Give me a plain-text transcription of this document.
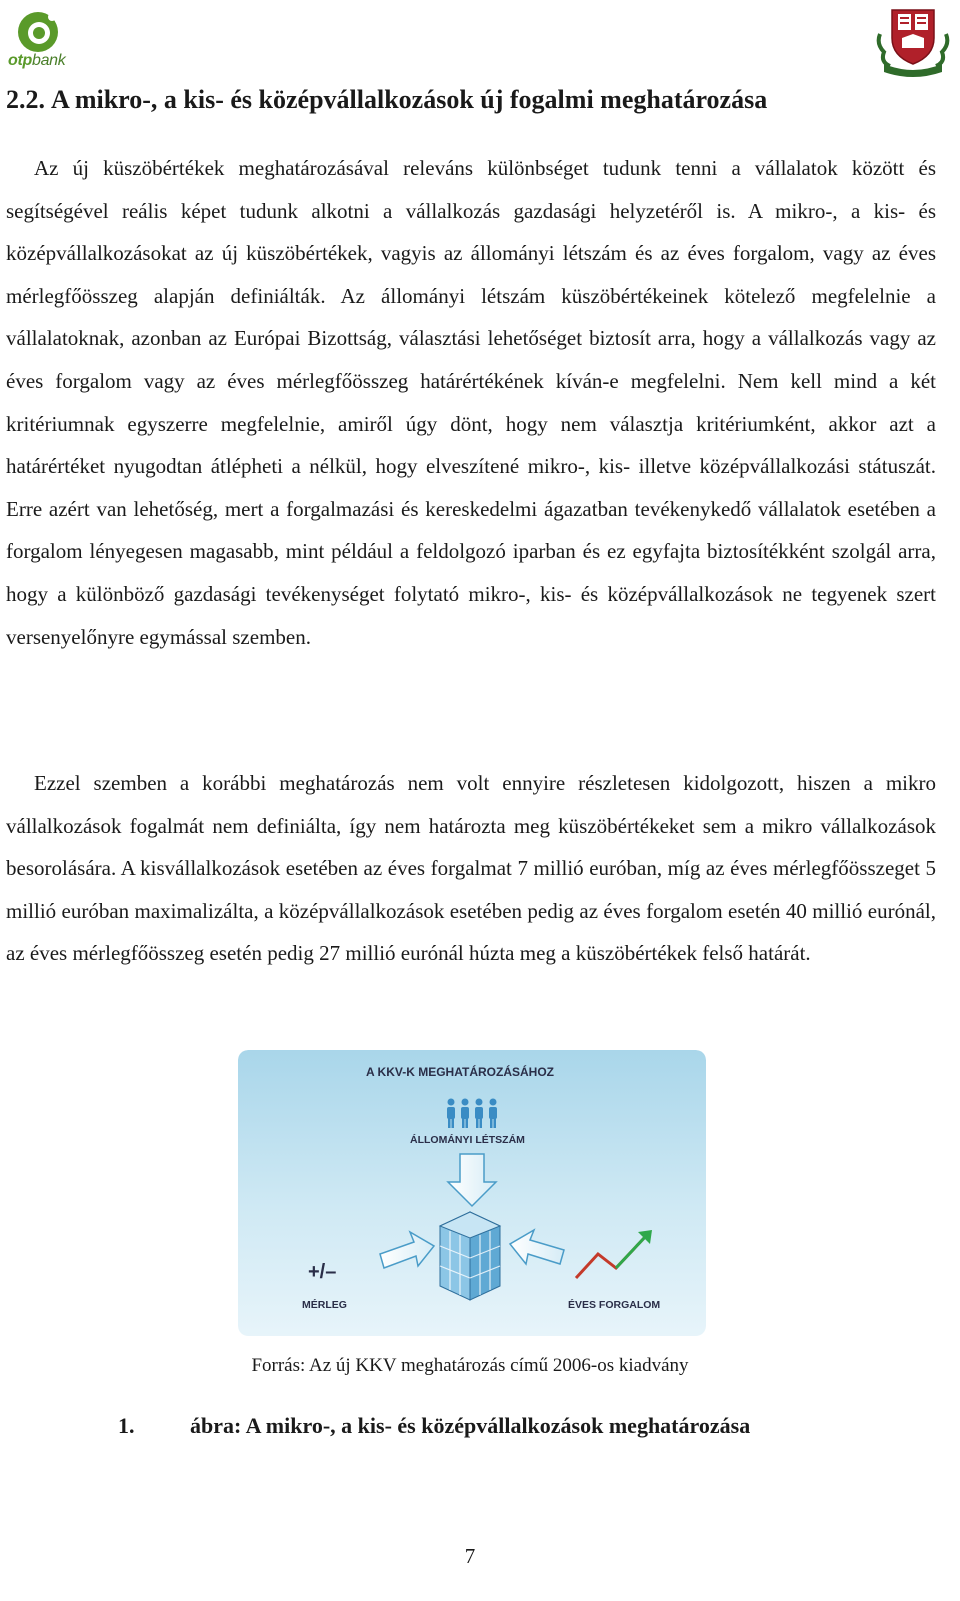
otpbank
2.2. A mikro-, a kis- és középvállalkozások új fogalmi meghatározása

Az új küszöbértékek meghatározásával releváns különbséget tudunk tenni a vállalatok között és segítségével reális képet tudunk alkotni a vállalkozás gazdasági helyzetéről is. A mikro-, a kis- és középvállalkozásokat az új küszöbértékek, vagyis az állományi létszám és az éves forgalom, vagy az éves mérlegfőösszeg alapján definiálták. Az állományi létszám küszöbértékeinek kötelező megfelelnie a vállalatoknak, azonban az Európai Bizottság, választási lehetőséget biztosít arra, hogy a vállalkozás vagy az éves forgalom vagy az éves mérlegfőösszeg határértékének kíván-e megfelelni. Nem kell mind a két kritériumnak egyszerre megfelelnie, amiről úgy dönt, hogy nem választja kritériumként, akkor azt a határértéket nyugodtan átlépheti a nélkül, hogy elveszítené mikro-, kis- illetve középvállalkozási státuszát. Erre azért van lehetőség, mert a forgalmazási és kereskedelmi ágazatban tevékenykedő vállalatok esetében a forgalom lényegesen magasabb, mint például a feldolgozó iparban és ez egyfajta biztosítékként szolgál arra, hogy a különböző gazdasági tevékenységet folytató mikro-, kis- és középvállalkozások ne tegyenek szert versenyelőnyre egymással szemben.

Ezzel szemben a korábbi meghatározás nem volt ennyire részletesen kidolgozott, hiszen a mikro vállalkozások fogalmát nem definiálta, így nem határozta meg küszöbértékeket sem a mikro vállalkozások besorolására. A kisvállalkozások esetében az éves forgalmat 7 millió euróban, míg az éves mérlegfőösszeget 5 millió euróban maximalizálta, a középvállalkozások esetében pedig az éves forgalom esetén 40 millió eurónál, az éves mérlegfőösszeg esetén pedig 27 millió eurónál húzta meg a küszöbértékek felső határát.

A KKV-K MEGHATÁROZÁSÁHOZ
ÁLLOMÁNYI LÉTSZÁM
+/–
MÉRLEG	ÉVES FORGALOM
Forrás: Az új KKV meghatározás című 2006-os kiadvány
1.	ábra: A mikro-, a kis- és középvállalkozások meghatározása
7
